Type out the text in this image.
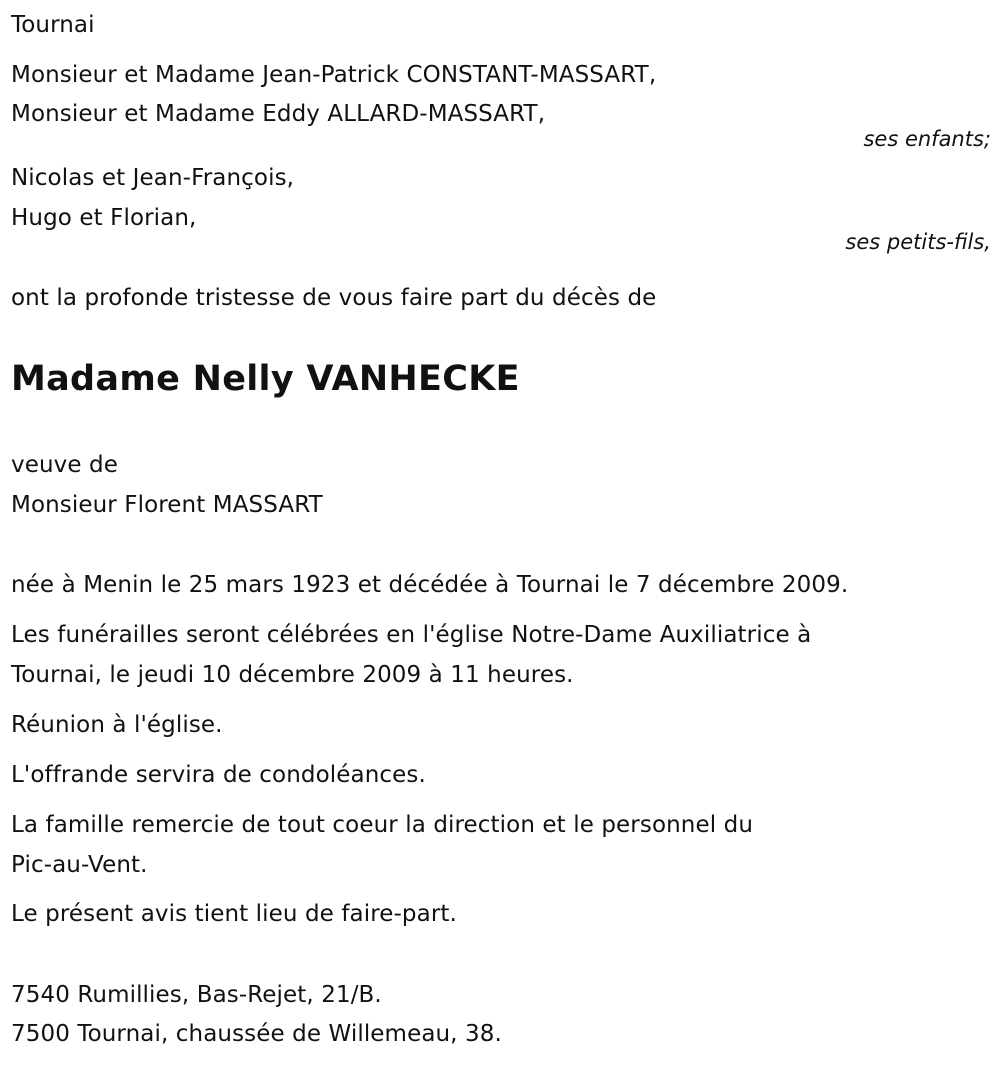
Tournai
Monsieur et Madame Jean-Patrick CONSTANT-MASSART,
Monsieur et Madame Eddy ALLARD-MASSART,
ses enfants;
Nicolas et Jean-François,
Hugo et Florian,
ses petits-fils,
ont la profonde tristesse de vous faire part du décès de
Madame Nelly VANHECKE
veuve de
Monsieur Florent MASSART
née à Menin le 25 mars 1923 et décédée à Tournai le 7 décembre 2009.
Les funérailles seront célébrées en l'église Notre-Dame Auxiliatrice à
Tournai, le jeudi 10 décembre 2009 à 11 heures.
Réunion à l'église.
L'offrande servira de condoléances.
La famille remercie de tout coeur la direction et le personnel du
Pic-au-Vent.
Le présent avis tient lieu de faire-part.
7540 Rumillies, Bas-Rejet, 21/B.
7500 Tournai, chaussée de Willemeau, 38.
